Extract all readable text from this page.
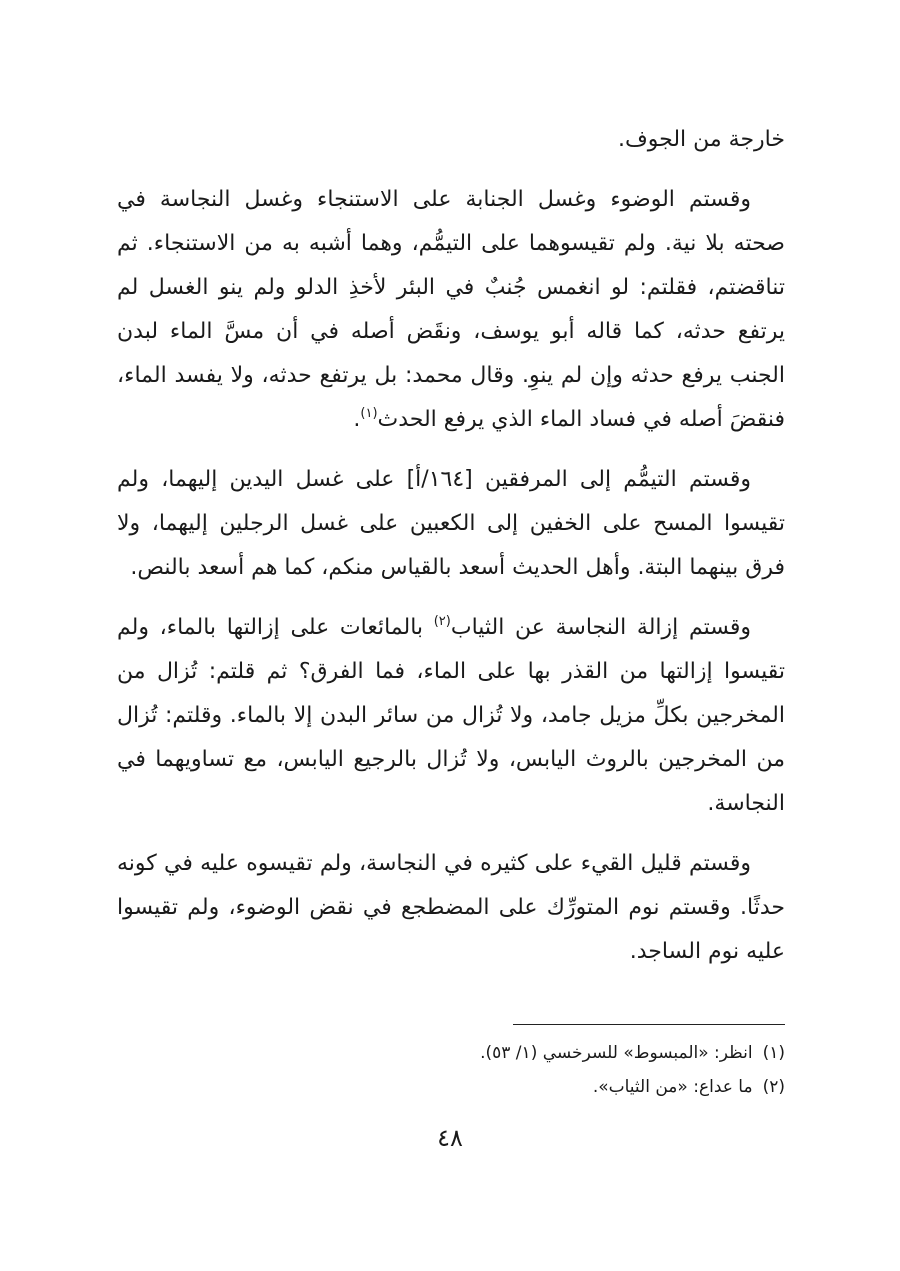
خارجة من الجوف.

وقستم الوضوء وغسل الجنابة على الاستنجاء وغسل النجاسة في صحته بلا نية. ولم تقيسوهما على التيمُّم، وهما أشبه به من الاستنجاء. ثم تناقضتم، فقلتم: لو انغمس جُنبٌ في البئر لأخذِ الدلو ولم ينو الغسل لم يرتفع حدثه، كما قاله أبو يوسف، ونقَض أصله في أن مسَّ الماء لبدن الجنب يرفع حدثه وإن لم ينوِ. وقال محمد: بل يرتفع حدثه، ولا يفسد الماء، فنقضَ أصله في فساد الماء الذي يرفع الحدث$^{(١)}$.

وقستم التيمُّم إلى المرفقين [١٦٤/أ] على غسل اليدين إليهما، ولم تقيسوا المسح على الخفين إلى الكعبين على غسل الرجلين إليهما، ولا فرق بينهما البتة. وأهل الحديث أسعد بالقياس منكم، كما هم أسعد بالنص.

وقستم إزالة النجاسة عن الثياب$^{(٢)}$ بالمائعات على إزالتها بالماء، ولم تقيسوا إزالتها من القذر بها على الماء، فما الفرق؟ ثم قلتم: تُزال من المخرجين بكلِّ مزيل جامد، ولا تُزال من سائر البدن إلا بالماء. وقلتم: تُزال من المخرجين بالروث اليابس، ولا تُزال بالرجيع اليابس، مع تساويهما في النجاسة.

وقستم قليل القيء على كثيره في النجاسة، ولم تقيسوه عليه في كونه حدثًا. وقستم نوم المتورِّك على المضطجع في نقض الوضوء، ولم تقيسوا عليه نوم الساجد.

(١)انظر: «المبسوط» للسرخسي (١/ ٥٣).

(٢)ما عداع: «من الثياب».

٤٨
